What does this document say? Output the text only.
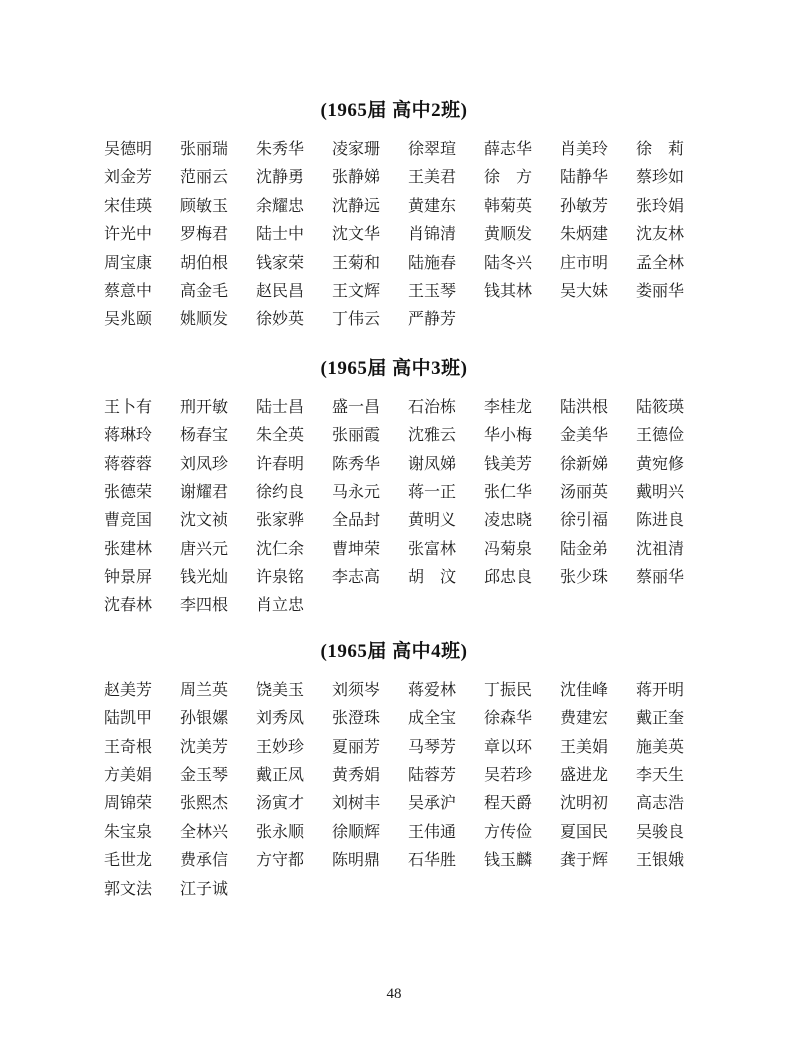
(1965届 高中2班)
吴德明 张丽瑞 朱秀华 凌家珊 徐翠瑄 薛志华 肖美玲 徐　莉
刘金芳 范丽云 沈静勇 张静娣 王美君 徐　方 陆静华 蔡珍如
宋佳瑛 顾敏玉 余耀忠 沈静远 黄建东 韩菊英 孙敏芳 张玲娟
许光中 罗梅君 陆士中 沈文华 肖锦清 黄顺发 朱炳建 沈友林
周宝康 胡伯根 钱家荣 王菊和 陆施春 陆冬兴 庄市明 孟全林
蔡意中 高金毛 赵民昌 王文辉 王玉琴 钱其林 吴大妹 娄丽华
吴兆颐 姚顺发 徐妙英 丁伟云 严静芳
(1965届 高中3班)
王卜有 刑开敏 陆士昌 盛一昌 石治栋 李桂龙 陆洪根 陆筱瑛
蒋琳玲 杨春宝 朱全英 张丽霞 沈雅云 华小梅 金美华 王德俭
蒋蓉蓉 刘凤珍 许春明 陈秀华 谢凤娣 钱美芳 徐新娣 黄宛修
张德荣 谢耀君 徐约良 马永元 蒋一正 张仁华 汤丽英 戴明兴
曹竞国 沈文祯 张家骅 全品封 黄明义 凌忠晓 徐引福 陈进良
张建林 唐兴元 沈仁余 曹坤荣 张富林 冯菊泉 陆金弟 沈祖清
钟景屏 钱光灿 许泉铭 李志高 胡　汶 邱忠良 张少珠 蔡丽华
沈春林 李四根 肖立忠
(1965届 高中4班)
赵美芳 周兰英 饶美玉 刘须岑 蒋爱林 丁振民 沈佳峰 蒋开明
陆凯甲 孙银嫘 刘秀凤 张澄珠 成全宝 徐森华 费建宏 戴正奎
王奇根 沈美芳 王妙珍 夏丽芳 马琴芳 章以环 王美娟 施美英
方美娟 金玉琴 戴正凤 黄秀娟 陆蓉芳 吴若珍 盛进龙 李天生
周锦荣 张熙杰 汤寅才 刘树丰 吴承沪 程天爵 沈明初 高志浩
朱宝泉 全林兴 张永顺 徐顺辉 王伟通 方传俭 夏国民 吴骏良
毛世龙 费承信 方守都 陈明鼎 石华胜 钱玉麟 龚于辉 王银娥
郭文法 江子诚
48
